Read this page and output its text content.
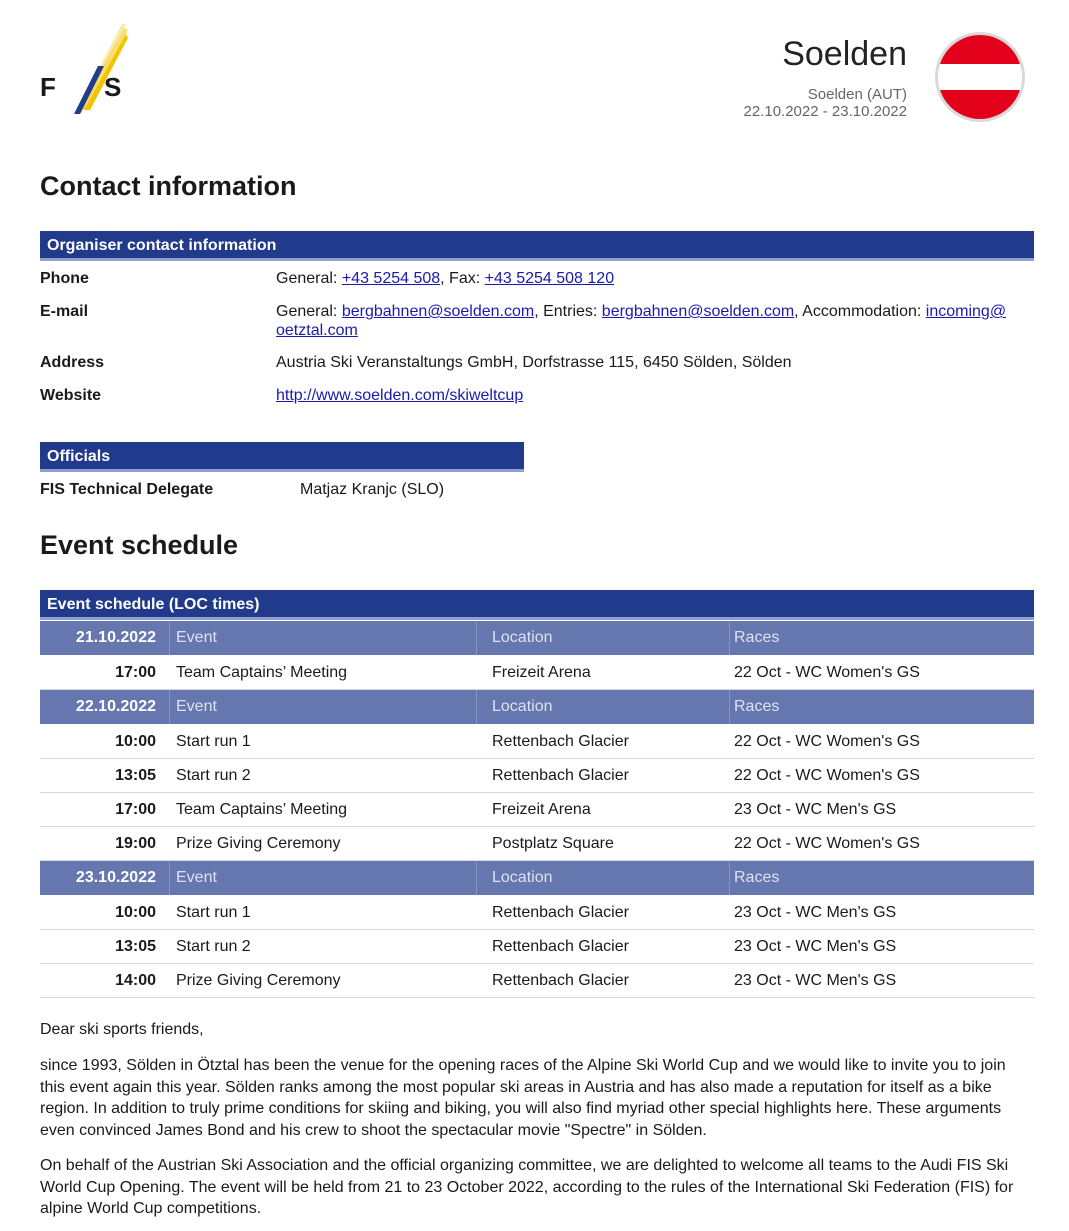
F S
Soelden
Soelden (AUT)
22.10.2022 - 23.10.2022
Contact information
Organiser contact information
Phone	General: +43 5254 508, Fax: +43 5254 508 120
E-mail	General: bergbahnen@soelden.com, Entries: bergbahnen@soelden.com, Accommodation: incoming@
oetztal.com
Address	Austria Ski Veranstaltungs GmbH, Dorfstrasse 115, 6450 Sölden, Sölden
Website	http://www.soelden.com/skiweltcup
Officials
FIS Technical Delegate	Matjaz Kranjc (SLO)
Event schedule
Event schedule (LOC times)
21.10.2022	Event	Location	Races
17:00	Team Captains’ Meeting	Freizeit Arena	22 Oct - WC Women's GS
22.10.2022	Event	Location	Races
10:00	Start run 1	Rettenbach Glacier	22 Oct - WC Women's GS
13:05	Start run 2	Rettenbach Glacier	22 Oct - WC Women's GS
17:00	Team Captains’ Meeting	Freizeit Arena	23 Oct - WC Men's GS
19:00	Prize Giving Ceremony	Postplatz Square	22 Oct - WC Women's GS
23.10.2022	Event	Location	Races
10:00	Start run 1	Rettenbach Glacier	23 Oct - WC Men's GS
13:05	Start run 2	Rettenbach Glacier	23 Oct - WC Men's GS
14:00	Prize Giving Ceremony	Rettenbach Glacier	23 Oct - WC Men's GS

Dear ski sports friends,

since 1993, Sölden in Ötztal has been the venue for the opening races of the Alpine Ski World Cup and we would like to invite you to join this event again this year. Sölden ranks among the most popular ski areas in Austria and has also made a reputation for itself as a bike region. In addition to truly prime conditions for skiing and biking, you will also find myriad other special highlights here. These arguments even convinced James Bond and his crew to shoot the spectacular movie "Spectre" in Sölden.

On behalf of the Austrian Ski Association and the official organizing committee, we are delighted to welcome all teams to the Audi FIS Ski World Cup Opening. The event will be held from 21 to 23 October 2022, according to the rules of the International Ski Federation (FIS) for alpine World Cup competitions.
